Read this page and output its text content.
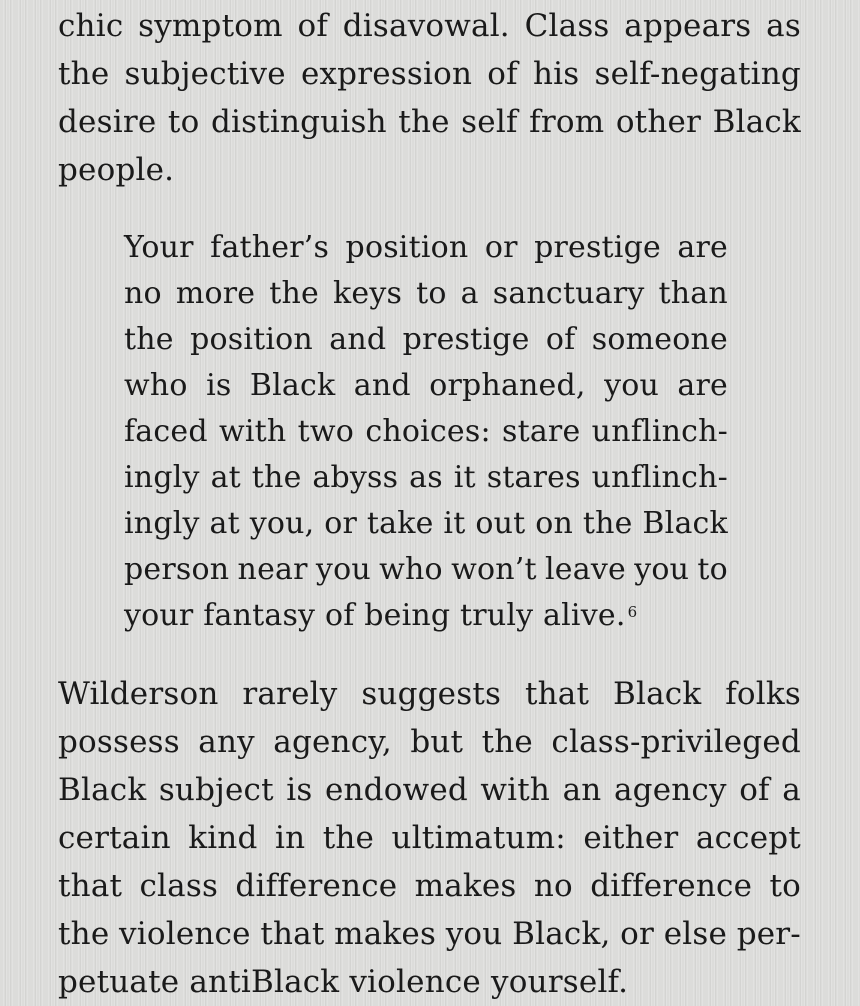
chic symptom of disavowal. Class appears as
the subjective expression of his self-negating
desire to distinguish the self from other Black
people.
Your father’s position or prestige are
no more the keys to a sanctuary than
the position and prestige of someone
who is Black and orphaned, you are
faced with two choices: stare unflinch-
ingly at the abyss as it stares unflinch-
ingly at you, or take it out on the Black
person near you who won’t leave you to
your fantasy of being truly alive. $^6$
Wilderson rarely suggests that Black folks
possess any agency, but the class-privileged
Black subject is endowed with an agency of a
certain kind in the ultimatum: either accept
that class difference makes no difference to
the violence that makes you Black, or else per-
petuate antiBlack violence yourself.
